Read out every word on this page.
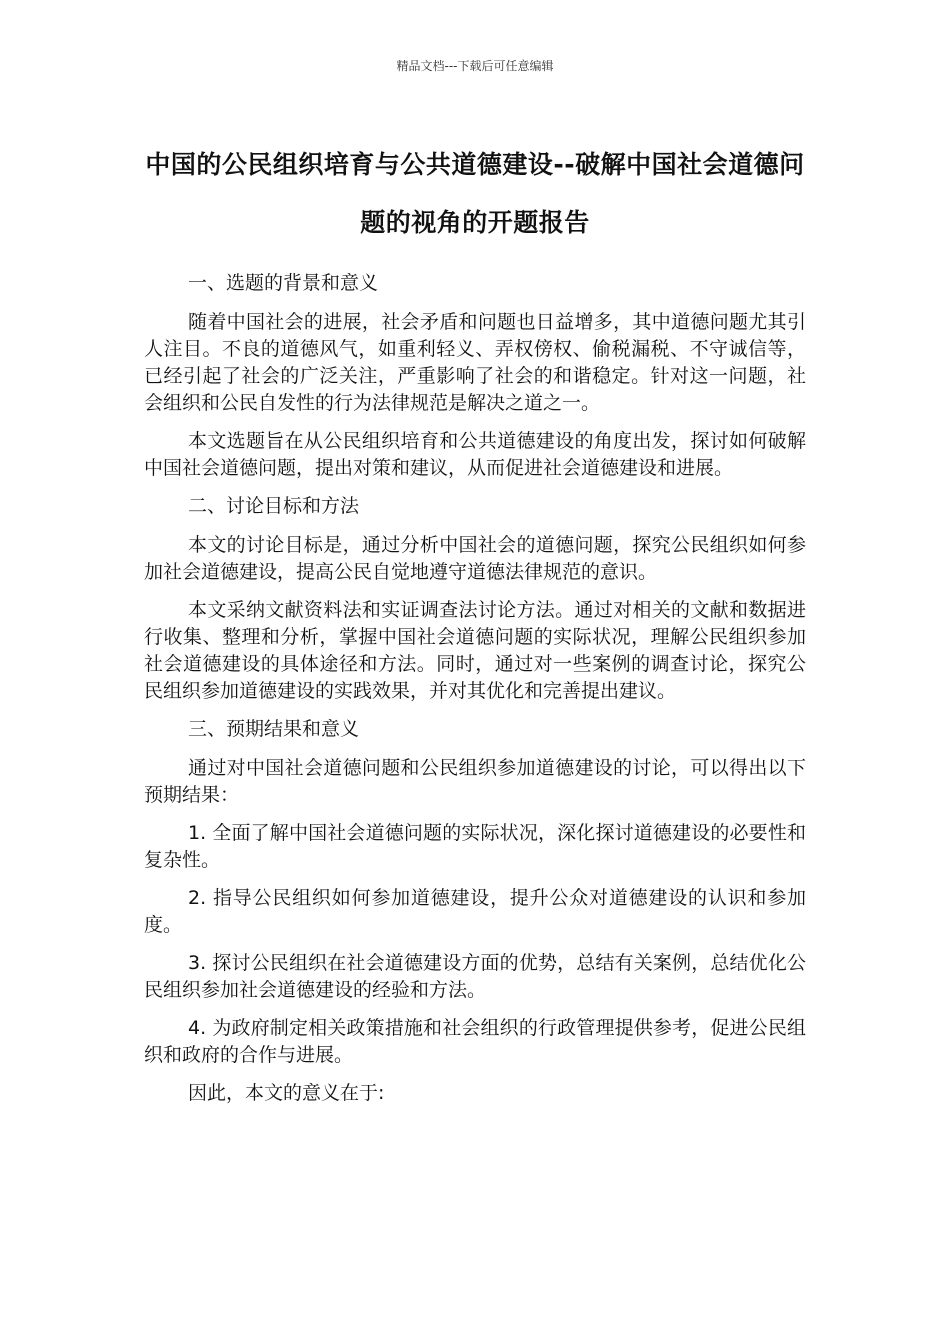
精品文档---下载后可任意编辑
中国的公民组织培育与公共道德建设--破解中国社会道德问题的视角的开题报告

一、选题的背景和意义

随着中国社会的进展，社会矛盾和问题也日益增多，其中道德问题尤其引人注目。不良的道德风气，如重利轻义、弄权傍权、偷税漏税、不守诚信等，已经引起了社会的广泛关注，严重影响了社会的和谐稳定。针对这一问题，社会组织和公民自发性的行为法律规范是解决之道之一。

本文选题旨在从公民组织培育和公共道德建设的角度出发，探讨如何破解中国社会道德问题，提出对策和建议，从而促进社会道德建设和进展。

二、讨论目标和方法

本文的讨论目标是，通过分析中国社会的道德问题，探究公民组织如何参加社会道德建设，提高公民自觉地遵守道德法律规范的意识。

本文采纳文献资料法和实证调查法讨论方法。通过对相关的文献和数据进行收集、整理和分析，掌握中国社会道德问题的实际状况，理解公民组织参加社会道德建设的具体途径和方法。同时，通过对一些案例的调查讨论，探究公民组织参加道德建设的实践效果，并对其优化和完善提出建议。

三、预期结果和意义

通过对中国社会道德问题和公民组织参加道德建设的讨论，可以得出以下预期结果：

1. 全面了解中国社会道德问题的实际状况，深化探讨道德建设的必要性和复杂性。

2. 指导公民组织如何参加道德建设，提升公众对道德建设的认识和参加度。

3. 探讨公民组织在社会道德建设方面的优势，总结有关案例，总结优化公民组织参加社会道德建设的经验和方法。

4. 为政府制定相关政策措施和社会组织的行政管理提供参考，促进公民组织和政府的合作与进展。

因此，本文的意义在于:
